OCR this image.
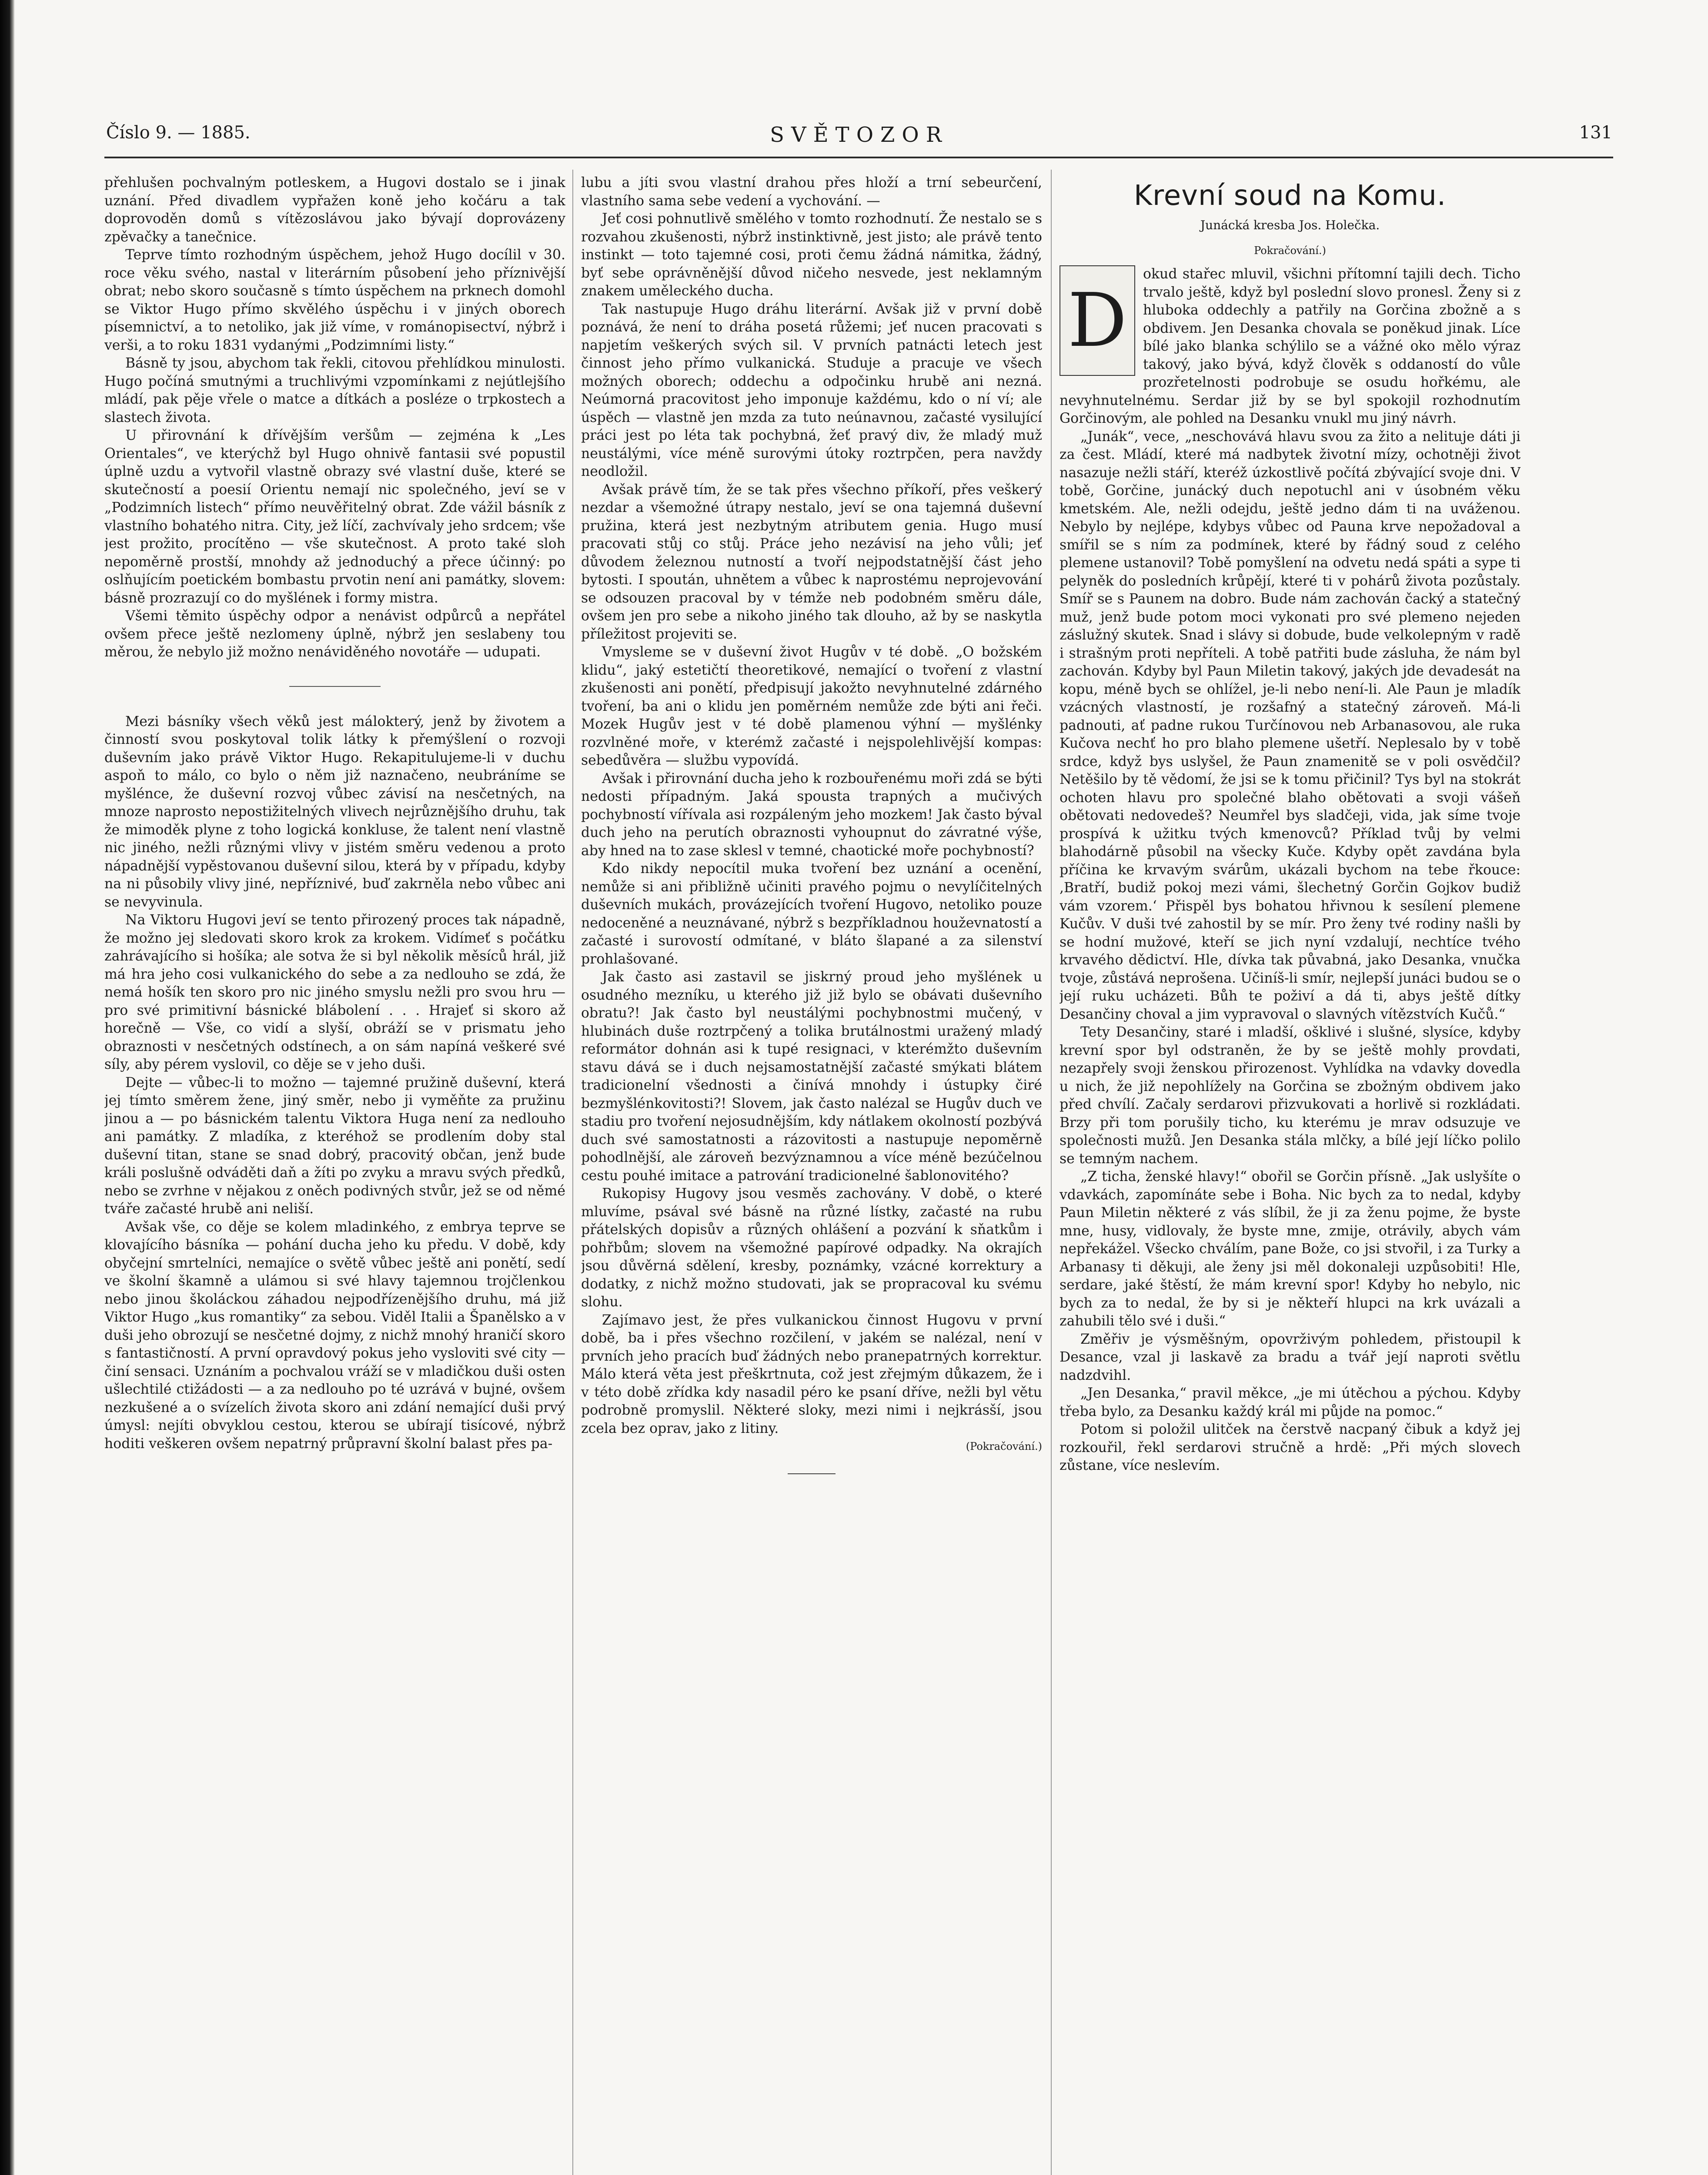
Číslo 9. — 1885.	SVĚTOZOR	131

přehlušen pochvalným potleskem, a Hugovi dostalo se i jinak uznání. Před divadlem vypřažen koně jeho kočáru a tak doprovoděn domů s vítězoslávou jako bývají doprovázeny zpěvačky a tanečnice.

Teprve tímto rozhodným úspěchem, jehož Hugo docílil v 30. roce věku svého, nastal v literárním působení jeho příznivější obrat; nebo skoro současně s tímto úspěchem na prknech domohl se Viktor Hugo přímo skvělého úspěchu i v jiných oborech písemnictví, a to netoliko, jak již víme, v románopisectví, nýbrž i verši, a to roku 1831 vydanými „Podzimními listy.“

Básně ty jsou, abychom tak řekli, citovou přehlídkou minulosti. Hugo počíná smutnými a truchlivými vzpomínkami z nejútlejšího mládí, pak pěje vřele o matce a dítkách a posléze o trpkostech a slastech života.

U přirovnání k dřívějším veršům — zejména k „Les Orientales“, ve kterýchž byl Hugo ohnivě fantasii své popustil úplně uzdu a vytvořil vlastně obrazy své vlastní duše, které se skutečností a poesií Orientu nemají nic společného, jeví se v „Podzimních listech“ přímo neuvěřitelný obrat. Zde vážil básník z vlastního bohatého nitra. City, jež líčí, zachvívaly jeho srdcem; vše jest prožito, procítěno — vše skutečnost. A proto také sloh nepoměrně prostší, mnohdy až jednoduchý a přece účinný: po oslňujícím poetickém bombastu prvotin není ani památky, slovem: básně prozrazují co do myšlének i formy mistra.

Všemi těmito úspěchy odpor a nenávist odpůrců a nepřátel ovšem přece ještě nezlomeny úplně, nýbrž jen seslabeny tou měrou, že nebylo již možno nenáviděného novotáře — udupati.

Mezi básníky všech věků jest málokterý, jenž by životem a činností svou poskytoval tolik látky k přemýšlení o rozvoji duševním jako právě Viktor Hugo. Rekapitulujeme-li v duchu aspoň to málo, co bylo o něm již naznačeno, neubráníme se myšlénce, že duševní rozvoj vůbec závisí na nesčetných, na mnoze naprosto nepostižitelných vlivech nejrůznějšího druhu, tak že mimoděk plyne z toho logická konkluse, že talent není vlastně nic jiného, nežli různými vlivy v jistém směru vedenou a proto nápadnější vypěstovanou duševní silou, která by v případu, kdyby na ni působily vlivy jiné, nepříznivé, buď zakrněla nebo vůbec ani se nevyvinula.

Na Viktoru Hugovi jeví se tento přirozený proces tak nápadně, že možno jej sledovati skoro krok za krokem. Vidímeť s počátku zahrávajícího si hošíka; ale sotva že si byl několik měsíců hrál, již má hra jeho cosi vulkanického do sebe a za nedlouho se zdá, že nemá hošík ten skoro pro nic jiného smyslu nežli pro svou hru — pro své primitivní básnické blábolení . . . Hrajeť si skoro až horečně — Vše, co vidí a slyší, obráží se v prismatu jeho obraznosti v nesčetných odstínech, a on sám napíná veškeré své síly, aby pérem vyslovil, co děje se v jeho duši.

Dejte — vůbec-li to možno — tajemné pružině duševní, která jej tímto směrem žene, jiný směr, nebo ji vyměňte za pružinu jinou a — po básnickém talentu Viktora Huga není za nedlouho ani památky. Z mladíka, z kteréhož se prodlením doby stal duševní titan, stane se snad dobrý, pracovitý občan, jenž bude králi poslušně odváděti daň a žíti po zvyku a mravu svých předků, nebo se zvrhne v nějakou z oněch podivných stvůr, jež se od němé tváře začasté hrubě ani neliší.

Avšak vše, co děje se kolem mladinkého, z embrya teprve se klovajícího básníka — pohání ducha jeho ku předu. V době, kdy obyčejní smrtelníci, nemajíce o světě vůbec ještě ani ponětí, sedí ve školní škamně a ulámou si své hlavy tajemnou trojčlenkou nebo jinou školáckou záhadou nejpodřízenějšího druhu, má již Viktor Hugo „kus romantiky“ za sebou. Viděl Italii a Španělsko a v duši jeho obrozují se nesčetné dojmy, z nichž mnohý hraničí skoro s fantastičností. A první opravdový pokus jeho vysloviti své city — činí sensaci. Uznáním a pochvalou vráží se v mladičkou duši osten ušlechtilé ctižádosti — a za nedlouho po té uzrává v bujné, ovšem nezkušené a o svízelích života skoro ani zdání nemající duši prvý úmysl: nejíti obvyklou cestou, kterou se ubírají tisícové, nýbrž hoditi veškeren ovšem nepatrný průpravní školní balast přes pa-

lubu a jíti svou vlastní drahou přes hloží a trní sebeurčení, vlastního sama sebe vedení a vychování. —

Jeť cosi pohnutlivě smělého v tomto rozhodnutí. Že nestalo se s rozvahou zkušenosti, nýbrž instinktivně, jest jisto; ale právě tento instinkt — toto tajemné cosi, proti čemu žádná námitka, žádný, byť sebe oprávněnější důvod ničeho nesvede, jest neklamným znakem uměleckého ducha.

Tak nastupuje Hugo dráhu literární. Avšak již v první době poznává, že není to dráha posetá růžemi; jeť nucen pracovati s napjetím veškerých svých sil. V prvních patnácti letech jest činnost jeho přímo vulkanická. Studuje a pracuje ve všech možných oborech; oddechu a odpočinku hrubě ani nezná. Neúmorná pracovitost jeho imponuje každému, kdo o ní ví; ale úspěch — vlastně jen mzda za tuto neúnavnou, začasté vysilující práci jest po léta tak pochybná, žeť pravý div, že mladý muž neustálými, více méně surovými útoky roztrpčen, pera navždy neodložil.

Avšak právě tím, že se tak přes všechno příkoří, přes veškerý nezdar a všemožné útrapy nestalo, jeví se ona tajemná duševní pružina, která jest nezbytným atributem genia. Hugo musí pracovati stůj co stůj. Práce jeho nezávisí na jeho vůli; jeť důvodem železnou nutností a tvoří nejpodstatnější část jeho bytosti. I spoután, uhnětem a vůbec k naprostému neprojevování se odsouzen pracoval by v témže neb podobném směru dále, ovšem jen pro sebe a nikoho jiného tak dlouho, až by se naskytla příležitost projeviti se.

Vmysleme se v duševní život Hugův v té době. „O božském klidu“, jaký estetičtí theoretikové, nemající o tvoření z vlastní zkušenosti ani ponětí, předpisují jakožto nevyhnutelné zdárného tvoření, ba ani o klidu jen poměrném nemůže zde býti ani řeči. Mozek Hugův jest v té době plamenou výhní — myšlénky rozvlněné moře, v kterémž začasté i nejspolehlivější kompas: sebedůvěra — službu vypovídá.

Avšak i přirovnání ducha jeho k rozbouřenému moři zdá se býti nedosti případným. Jaká spousta trapných a mučivých pochybností vířívala asi rozpáleným jeho mozkem! Jak často býval duch jeho na perutích obraznosti vyhoupnut do závratné výše, aby hned na to zase sklesl v temné, chaotické moře pochybností?

Kdo nikdy nepocítil muka tvoření bez uznání a ocenění, nemůže si ani přibližně učiniti pravého pojmu o nevylíčitelných duševních mukách, provázejících tvoření Hugovo, netoliko pouze nedoceněné a neuznávané, nýbrž s bezpříkladnou houževnatostí a začasté i surovostí odmítané, v bláto šlapané a za silenství prohlašované.

Jak často asi zastavil se jiskrný proud jeho myšlének u osudného mezníku, u kterého již již bylo se obávati duševního obratu?! Jak často byl neustálými pochybnostmi mučený, v hlubinách duše roztrpčený a tolika brutálnostmi uražený mladý reformátor dohnán asi k tupé resignaci, v kterémžto duševním stavu dává se i duch nejsamostatnější začasté smýkati blátem tradicionelní všednosti a činívá mnohdy i ústupky čiré bezmyšlénkovitosti?! Slovem, jak často nalézal se Hugův duch ve stadiu pro tvoření nejosudnějším, kdy nátlakem okolností pozbývá duch své samostatnosti a rázovitosti a nastupuje nepoměrně pohodlnější, ale zároveň bezvýznamnou a více méně bezúčelnou cestu pouhé imitace a patrování tradicionelné šablonovitého?

Rukopisy Hugovy jsou vesměs zachovány. V době, o které mluvíme, psával své básně na různé lístky, začasté na rubu přátelských dopisův a různých ohlášení a pozvání k sňatkům i pohřbům; slovem na všemožné papírové odpadky. Na okrajích jsou důvěrná sdělení, kresby, poznámky, vzácné korrektury a dodatky, z nichž možno studovati, jak se propracoval ku svému slohu.

Zajímavo jest, že přes vulkanickou činnost Hugovu v první době, ba i přes všechno rozčilení, v jakém se nalézal, není v prvních jeho pracích buď žádných nebo pranepatrných korrektur. Málo která věta jest přeškrtnuta, což jest zřejmým důkazem, že i v této době zřídka kdy nasadil péro ke psaní dříve, nežli byl větu podrobně promyslil. Některé sloky, mezi nimi i nejkrásší, jsou zcela bez oprav, jako z litiny.

(Pokračování.)

Krevní soud na Komu.
Junácká kresba Jos. Holečka.
Pokračování.)
D

okud stařec mluvil, všichni přítomní tajili dech. Ticho trvalo ještě, když byl poslední slovo pronesl. Ženy si z hluboka oddechly a patřily na Gorčina zbožně a s obdivem. Jen Desanka chovala se poněkud jinak. Líce bílé jako blanka schýlilo se a vážné oko mělo výraz takový, jako bývá, když člověk s oddaností do vůle prozřetelnosti podrobuje se osudu hořkému, ale nevyhnutelnému. Serdar již by se byl spokojil rozhodnutím Gorčinovým, ale pohled na Desanku vnukl mu jiný návrh.

„Junák“, vece, „neschovává hlavu svou za žito a nelituje dáti ji za čest. Mládí, které má nadbytek životní mízy, ochotněji život nasazuje nežli stáří, kteréž úzkostlivě počítá zbývající svoje dni. V tobě, Gorčine, junácký duch nepotuchl ani v úsobném věku kmetském. Ale, nežli odejdu, ještě jedno dám ti na uváženou. Nebylo by nejlépe, kdybys vůbec od Pauna krve nepožadoval a smířil se s ním za podmínek, které by řádný soud z celého plemene ustanovil? Tobě pomyšlení na odvetu nedá spáti a sype ti pelyněk do posledních krůpějí, které ti v pohárů života pozůstaly. Smíř se s Paunem na dobro. Bude nám zachován čacký a statečný muž, jenž bude potom moci vykonati pro své plemeno nejeden záslužný skutek. Snad i slávy si dobude, bude velkolepným v radě i strašným proti nepříteli. A tobě patřiti bude zásluha, že nám byl zachován. Kdyby byl Paun Miletin takový, jakých jde devadesát na kopu, méně bych se ohlížel, je-li nebo není-li. Ale Paun je mladík vzácných vlastností, je rozšafný a statečný zároveň. Má-li padnouti, ať padne rukou Turčínovou neb Arbanasovou, ale ruka Kučova nechť ho pro blaho plemene ušetří. Neplesalo by v tobě srdce, když bys uslyšel, že Paun znamenitě se v poli osvědčil? Netěšilo by tě vědomí, že jsi se k tomu přičinil? Tys byl na stokrát ochoten hlavu pro společné blaho obětovati a svoji vášeň obětovati nedovedeš? Neumřel bys sladčeji, vida, jak síme tvoje prospívá k užitku tvých kmenovců? Příklad tvůj by velmi blahodárně působil na všecky Kuče. Kdyby opět zavdána byla příčina ke krvavým svárům, ukázali bychom na tebe řkouce: ,Bratří, budiž pokoj mezi vámi, šlechetný Gorčin Gojkov budiž vám vzorem.‘ Přispěl bys bohatou hřivnou k sesílení plemene Kučův. V duši tvé zahostil by se mír. Pro ženy tvé rodiny našli by se hodní mužové, kteří se jich nyní vzdalují, nechtíce tvého krvavého dědictví. Hle, dívka tak půvabná, jako Desanka, vnučka tvoje, zůstává neprošena. Učiníš-li smír, nejlepší junáci budou se o její ruku ucházeti. Bůh te poživí a dá ti, abys ještě dítky Desančiny choval a jim vypravoval o slavných vítězstvích Kučů.“

Tety Desančiny, staré i mladší, ošklivé i slušné, slysíce, kdyby krevní spor byl odstraněn, že by se ještě mohly provdati, nezapřely svoji ženskou přirozenost. Vyhlídka na vdavky dovedla u nich, že již nepohlížely na Gorčina se zbožným obdivem jako před chvílí. Začaly serdarovi přizvukovati a horlivě si rozkládati. Brzy při tom porušily ticho, ku kterému je mrav odsuzuje ve společnosti mužů. Jen Desanka stála mlčky, a bílé její líčko polilo se temným nachem.

„Z ticha, ženské hlavy!“ obořil se Gorčin přísně. „Jak uslyšíte o vdavkách, zapomínáte sebe i Boha. Nic bych za to nedal, kdyby Paun Miletin některé z vás slíbil, že ji za ženu pojme, že byste mne, husy, vidlovaly, že byste mne, zmije, otrávily, abych vám nepřekážel. Všecko chválím, pane Bože, co jsi stvořil, i za Turky a Arbanasy ti děkuji, ale ženy jsi měl dokonaleji uzpůsobiti! Hle, serdare, jaké štěstí, že mám krevní spor! Kdyby ho nebylo, nic bych za to nedal, že by si je někteří hlupci na krk uvázali a zahubili tělo své i duši.“

Změřiv je výsměšným, opovrživým pohledem, přistoupil k Desance, vzal ji laskavě za bradu a tvář její naproti světlu nadzdvihl.

„Jen Desanka,“ pravil měkce, „je mi útěchou a pýchou. Kdyby třeba bylo, za Desanku každý král mi půjde na pomoc.“

Potom si položil ulitček na čerstvě nacpaný čibuk a když jej rozkouřil, řekl serdarovi stručně a hrdě: „Při mých slovech zůstane, více neslevím.
